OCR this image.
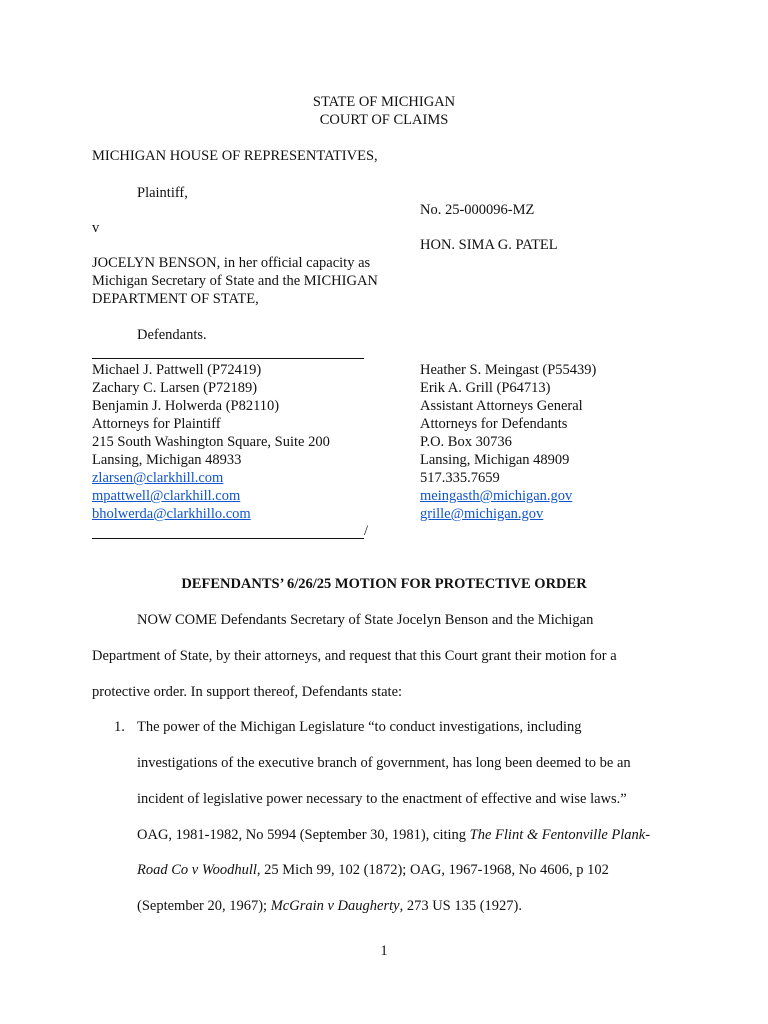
STATE OF MICHIGAN
COURT OF CLAIMS
MICHIGAN HOUSE OF REPRESENTATIVES,
Plaintiff,
v
JOCELYN BENSON, in her official capacity as
Michigan Secretary of State and the MICHIGAN
DEPARTMENT OF STATE,
Defendants.
No. 25-000096-MZ
HON. SIMA G. PATEL
Michael J. Pattwell (P72419)
Zachary C. Larsen (P72189)
Benjamin J. Holwerda (P82110)
Attorneys for Plaintiff
215 South Washington Square, Suite 200
Lansing, Michigan 48933
zlarsen@clarkhill.com
mpattwell@clarkhill.com
bholwerda@clarkhillo.com
Heather S. Meingast (P55439)
Erik A. Grill (P64713)
Assistant Attorneys General
Attorneys for Defendants
P.O. Box 30736
Lansing, Michigan 48909
517.335.7659
meingasth@michigan.gov
grille@michigan.gov
/
DEFENDANTS’ 6/26/25 MOTION FOR PROTECTIVE ORDER
NOW COME Defendants Secretary of State Jocelyn Benson and the Michigan
Department of State, by their attorneys, and request that this Court grant their motion for a
protective order. In support thereof, Defendants state:
1. The power of the Michigan Legislature “to conduct investigations, including
investigations of the executive branch of government, has long been deemed to be an
incident of legislative power necessary to the enactment of effective and wise laws.”
OAG, 1981-1982, No 5994 (September 30, 1981), citing The Flint & Fentonville Plank-
Road Co v Woodhull, 25 Mich 99, 102 (1872); OAG, 1967-1968, No 4606, p 102
(September 20, 1967); McGrain v Daugherty, 273 US 135 (1927).
1
